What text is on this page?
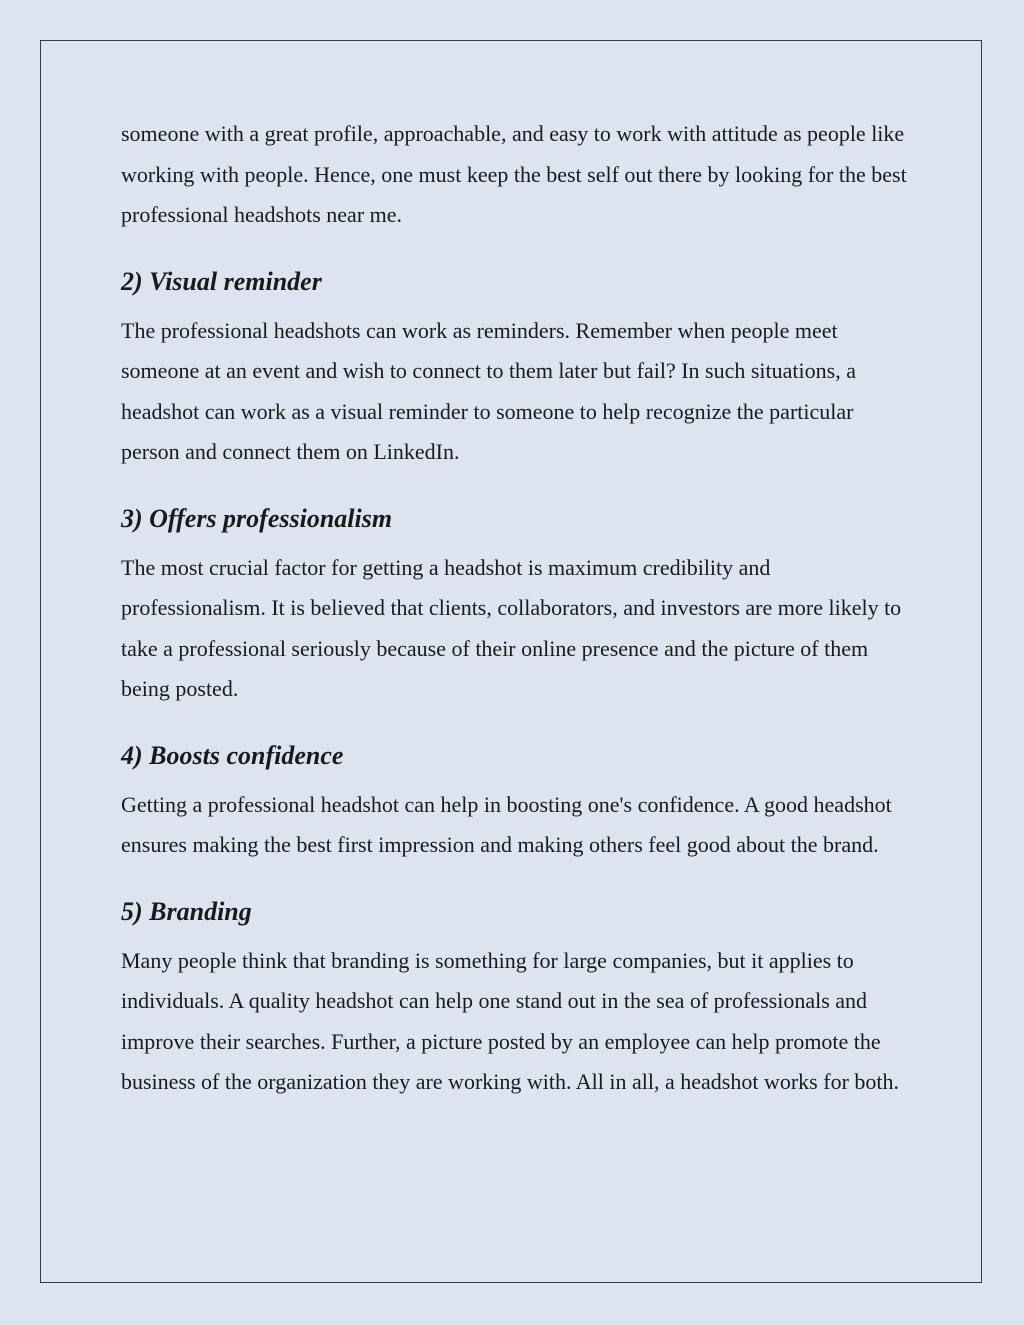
someone with a great profile, approachable, and easy to work with attitude as people like working with people. Hence, one must keep the best self out there by looking for the best professional headshots near me.

2) Visual reminder

The professional headshots can work as reminders. Remember when people meet someone at an event and wish to connect to them later but fail? In such situations, a headshot can work as a visual reminder to someone to help recognize the particular person and connect them on LinkedIn.

3) Offers professionalism

The most crucial factor for getting a headshot is maximum credibility and professionalism. It is believed that clients, collaborators, and investors are more likely to take a professional seriously because of their online presence and the picture of them being posted.

4) Boosts confidence

Getting a professional headshot can help in boosting one's confidence. A good headshot ensures making the best first impression and making others feel good about the brand.

5) Branding

Many people think that branding is something for large companies, but it applies to individuals. A quality headshot can help one stand out in the sea of professionals and improve their searches. Further, a picture posted by an employee can help promote the business of the organization they are working with. All in all, a headshot works for both.
